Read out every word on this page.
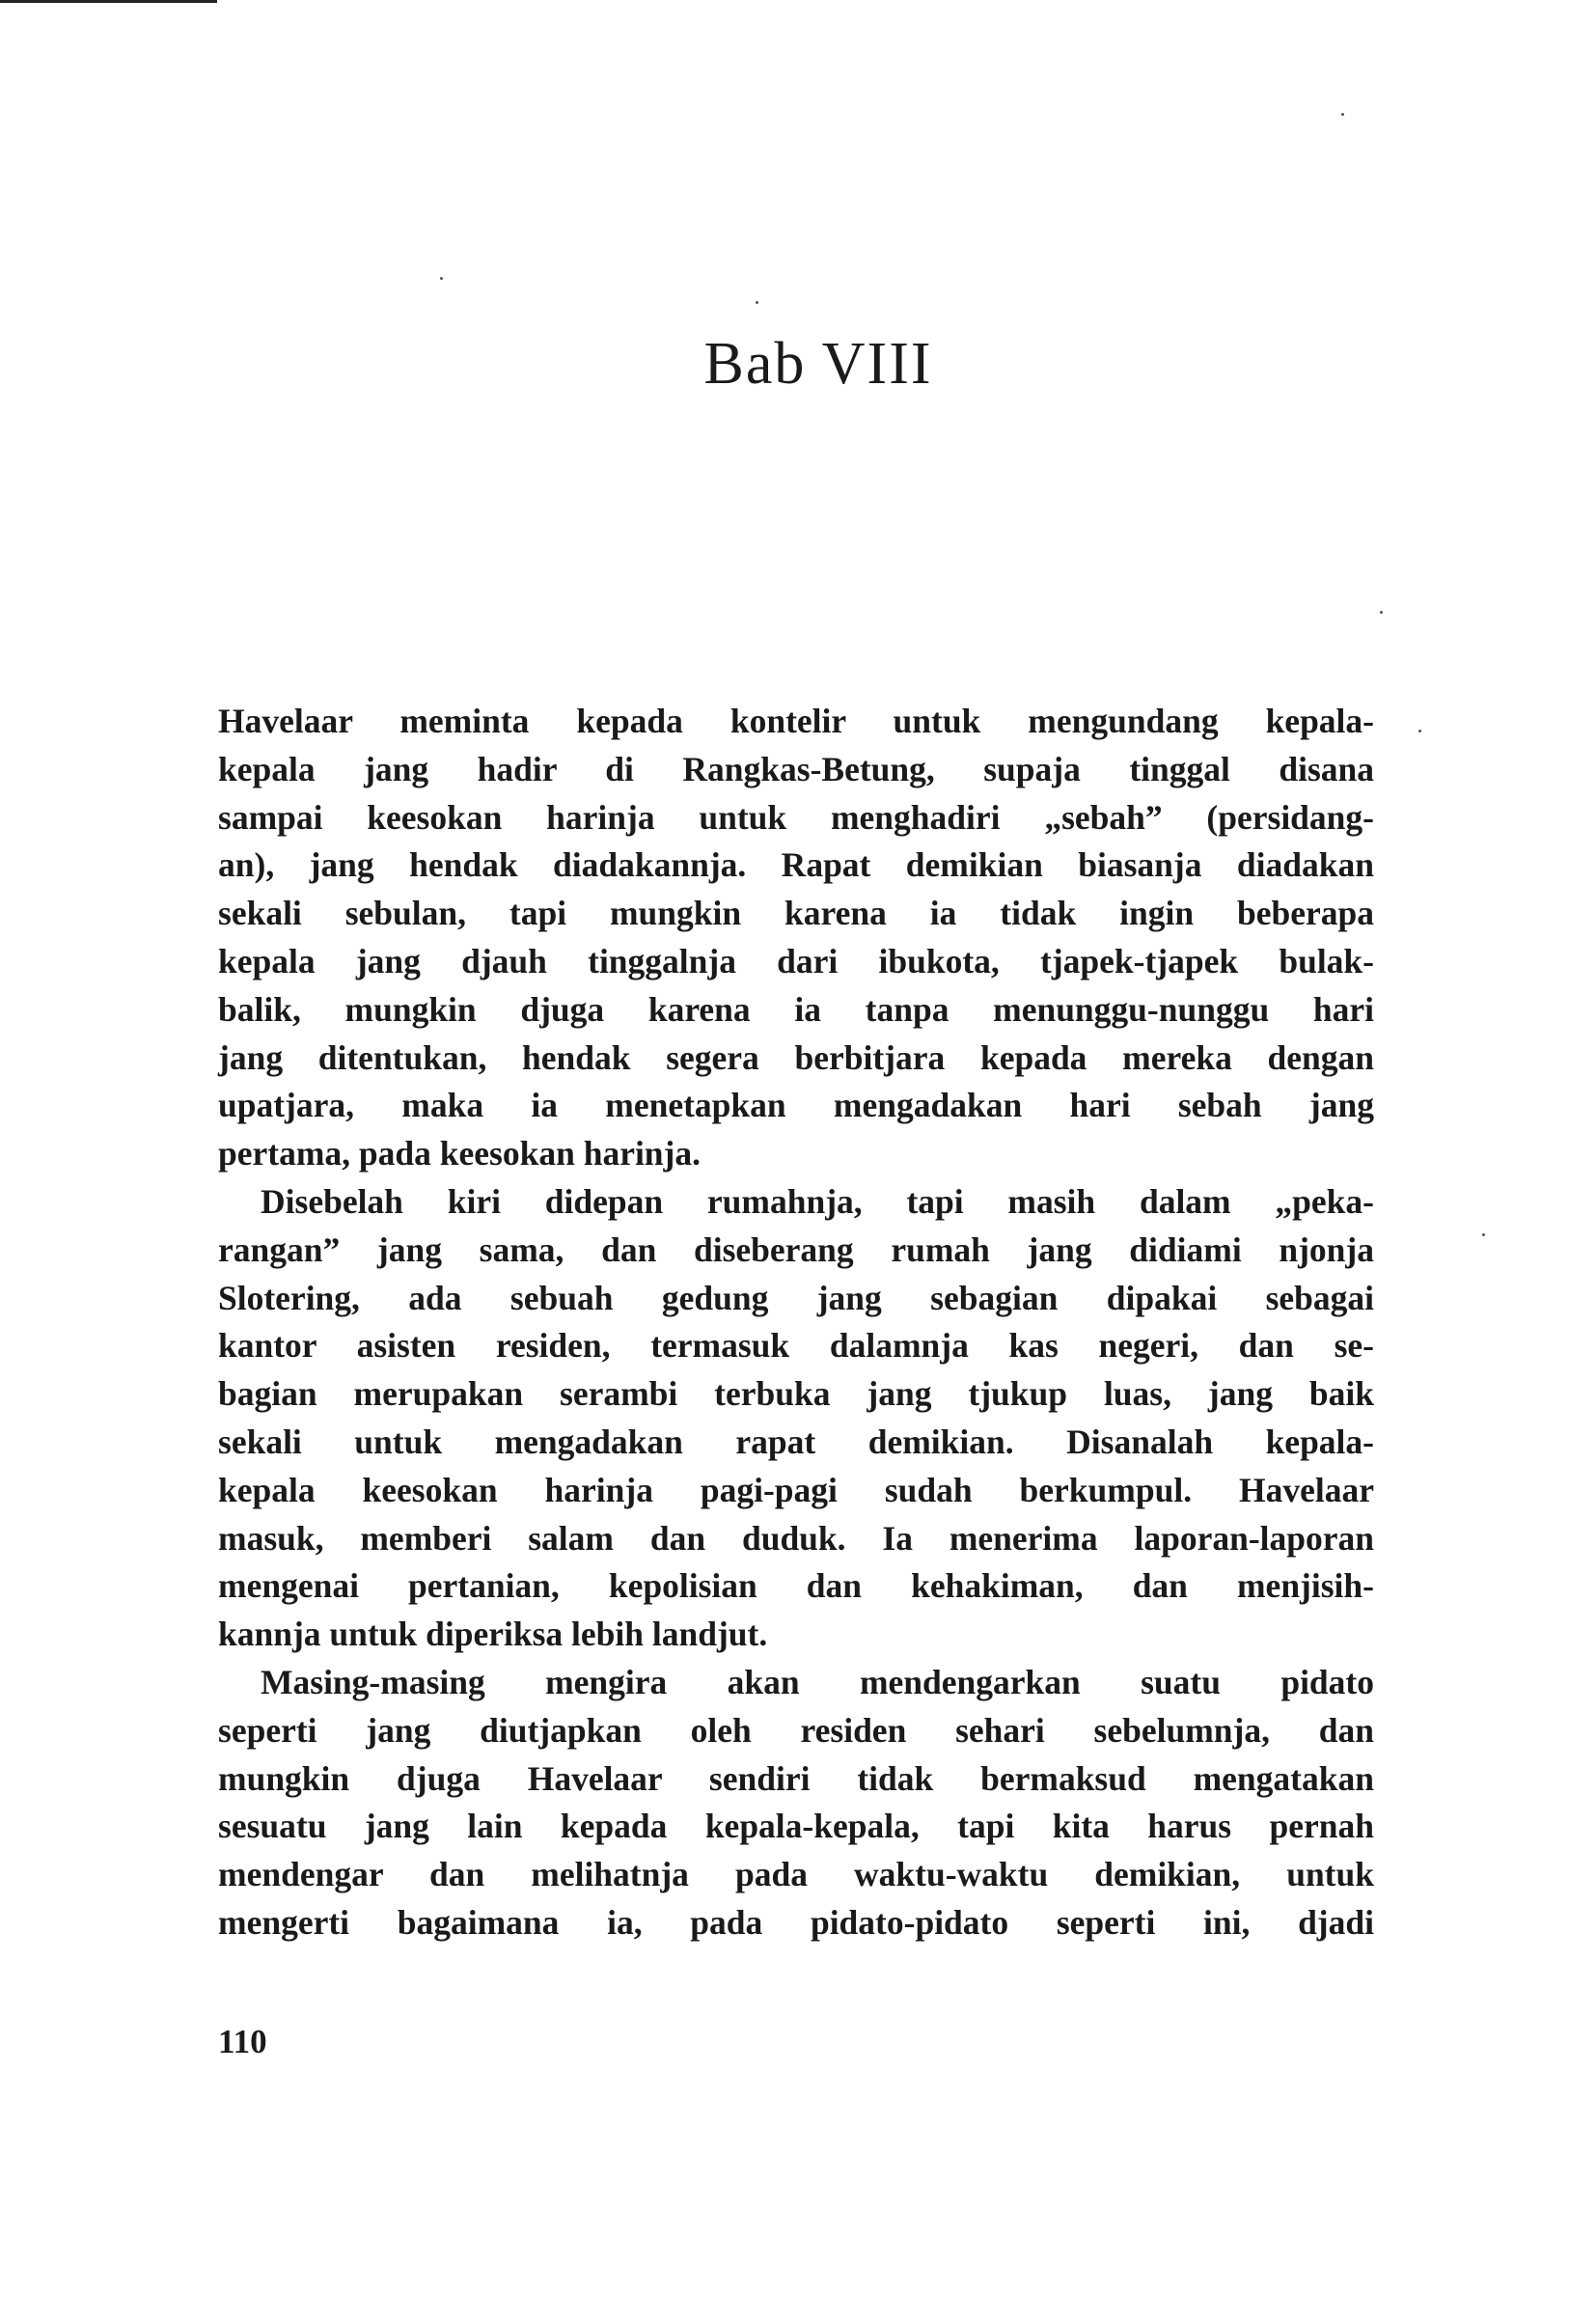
Bab VIII
Havelaar meminta kepada kontelir untuk mengundang kepala-
kepala jang hadir di Rangkas-Betung, supaja tinggal disana
sampai keesokan harinja untuk menghadiri „sebah” (persidang-
an), jang hendak diadakannja. Rapat demikian biasanja diadakan
sekali sebulan, tapi mungkin karena ia tidak ingin beberapa
kepala jang djauh tinggalnja dari ibukota, tjapek-tjapek bulak-
balik, mungkin djuga karena ia tanpa menunggu-nunggu hari
jang ditentukan, hendak segera berbitjara kepada mereka dengan
upatjara, maka ia menetapkan mengadakan hari sebah jang
pertama, pada keesokan harinja.
Disebelah kiri didepan rumahnja, tapi masih dalam „peka-
rangan” jang sama, dan diseberang rumah jang didiami njonja
Slotering, ada sebuah gedung jang sebagian dipakai sebagai
kantor asisten residen, termasuk dalamnja kas negeri, dan se-
bagian merupakan serambi terbuka jang tjukup luas, jang baik
sekali untuk mengadakan rapat demikian. Disanalah kepala-
kepala keesokan harinja pagi-pagi sudah berkumpul. Havelaar
masuk, memberi salam dan duduk. Ia menerima laporan-laporan
mengenai pertanian, kepolisian dan kehakiman, dan menjisih-
kannja untuk diperiksa lebih landjut.
Masing-masing mengira akan mendengarkan suatu pidato
seperti jang diutjapkan oleh residen sehari sebelumnja, dan
mungkin djuga Havelaar sendiri tidak bermaksud mengatakan
sesuatu jang lain kepada kepala-kepala, tapi kita harus pernah
mendengar dan melihatnja pada waktu-waktu demikian, untuk
mengerti bagaimana ia, pada pidato-pidato seperti ini, djadi
110
